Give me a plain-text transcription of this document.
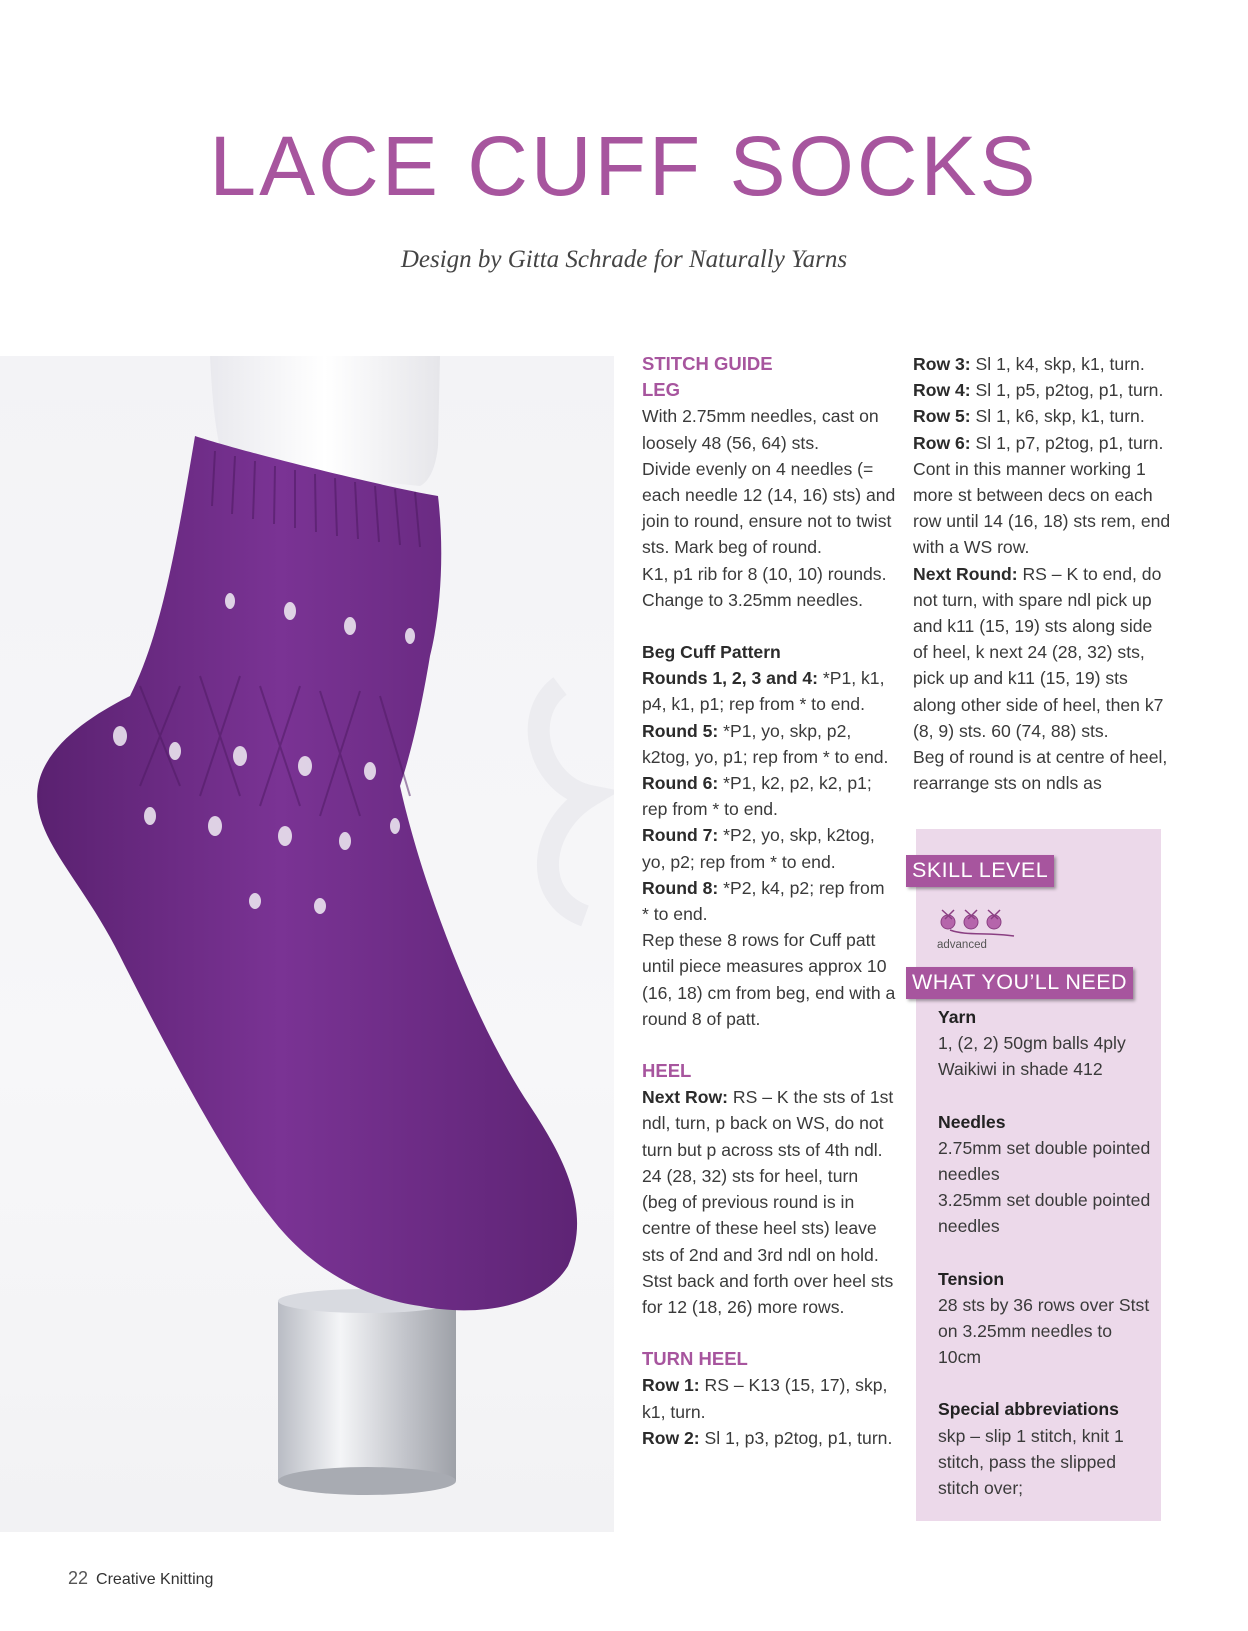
LACE CUFF SOCKS
Design by Gitta Schrade for Naturally Yarns

STITCH GUIDE

LEG

With 2.75mm needles, cast on loosely 48 (56, 64) sts.

Divide evenly on 4 needles (= each needle 12 (14, 16) sts) and join to round, ensure not to twist sts. Mark beg of round.

K1, p1 rib for 8 (10, 10) rounds. Change to 3.25mm needles.

Beg Cuff Pattern

Rounds 1, 2, 3 and 4: *P1, k1, p4, k1, p1; rep from * to end.

Round 5: *P1, yo, skp, p2, k2tog, yo, p1; rep from * to end.

Round 6: *P1, k2, p2, k2, p1; rep from * to end.

Round 7: *P2, yo, skp, k2tog, yo, p2; rep from * to end.

Round 8: *P2, k4, p2; rep from * to end.

Rep these 8 rows for Cuff patt until piece measures approx 10 (16, 18) cm from beg, end with a round 8 of patt.

HEEL

Next Row: RS – K the sts of 1st ndl, turn, p back on WS, do not turn but p across sts of 4th ndl. 24 (28, 32) sts for heel, turn (beg of previous round is in centre of these heel sts) leave sts of 2nd and 3rd ndl on hold.

Stst back and forth over heel sts for 12 (18, 26) more rows.

TURN HEEL

Row 1: RS – K13 (15, 17), skp, k1, turn.

Row 2: Sl 1, p3, p2tog, p1, turn.

Row 3: Sl 1, k4, skp, k1, turn.

Row 4: Sl 1, p5, p2tog, p1, turn.

Row 5: Sl 1, k6, skp, k1, turn.

Row 6: Sl 1, p7, p2tog, p1, turn.

Cont in this manner working 1 more st between decs on each row until 14 (16, 18) sts rem, end with a WS row.

Next Round: RS – K to end, do not turn, with spare ndl pick up and k11 (15, 19) sts along side of heel, k next 24 (28, 32) sts, pick up and k11 (15, 19) sts along other side of heel, then k7 (8, 9) sts. 60 (74, 88) sts.

Beg of round is at centre of heel, rearrange sts on ndls as

SKILL LEVEL
advanced
WHAT YOU’LL NEED

Yarn

1, (2, 2) 50gm balls 4ply Waikiwi in shade 412

Needles

2.75mm set double pointed needles

3.25mm set double pointed needles

Tension

28 sts by 36 rows over Stst on 3.25mm needles to 10cm

Special abbreviations

skp – slip 1 stitch, knit 1 stitch, pass the slipped stitch over;

22 Creative Knitting
